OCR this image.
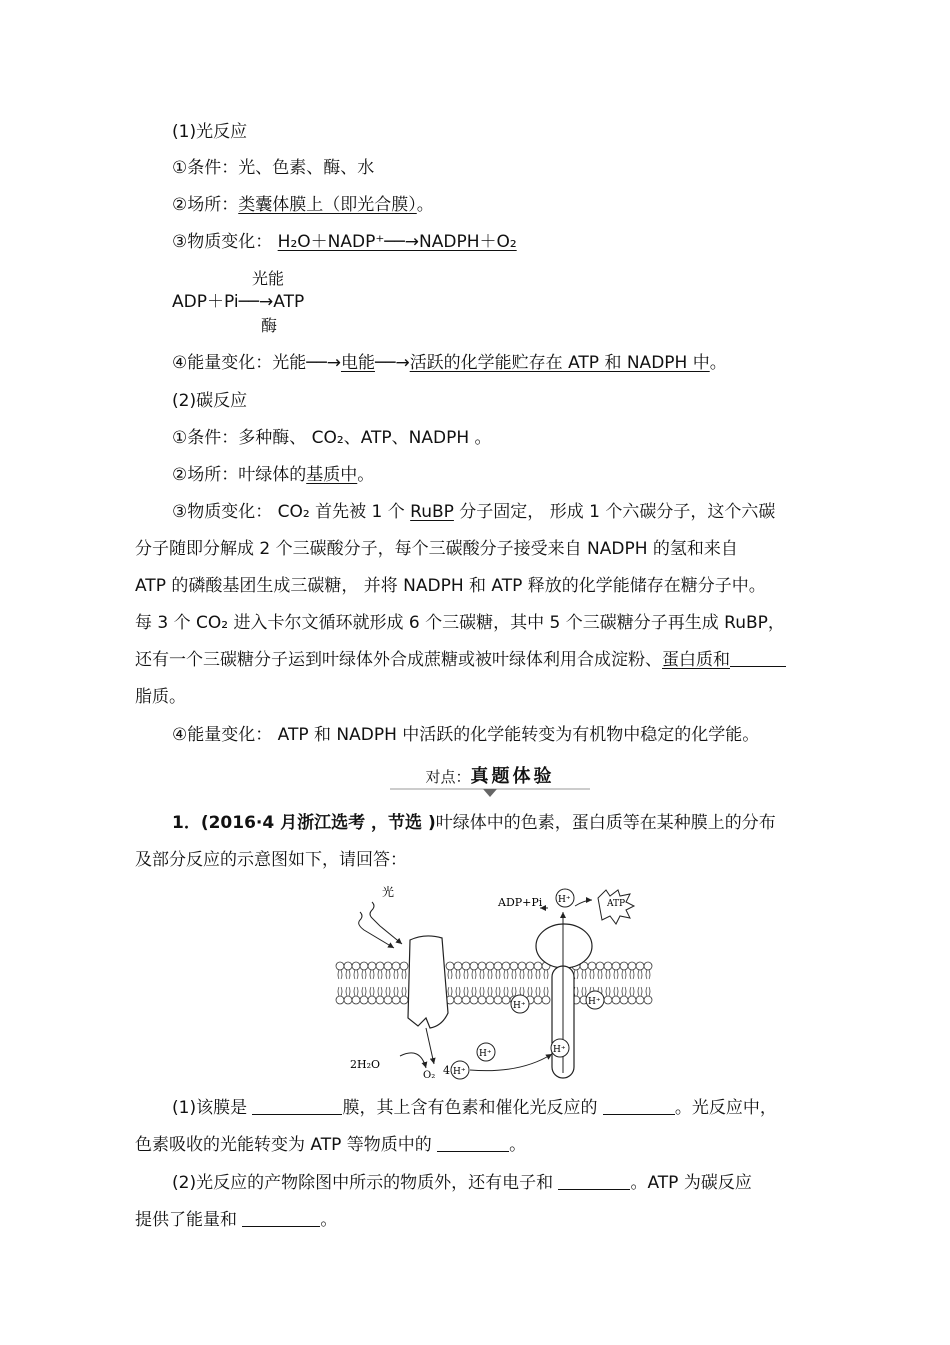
(1)光反应
①条件：光、色素、酶、水
②场所：类囊体膜上（即光合膜）。
③物质变化： H₂O＋NADP⁺──→NADPH＋O₂
光能
ADP＋Pi──→ATP
酶
④能量变化：光能──→电能──→活跃的化学能贮存在 ATP 和 NADPH 中。
(2)碳反应
①条件：多种酶、 CO₂、ATP、NADPH 。
②场所：叶绿体的基质中。
③物质变化： CO₂ 首先被 1 个 RuBP 分子固定， 形成 1 个六碳分子，这个六碳
分子随即分解成 2 个三碳酸分子，每个三碳酸分子接受来自 NADPH 的氢和来自
ATP 的磷酸基团生成三碳糖， 并将 NADPH 和 ATP 释放的化学能储存在糖分子中。
每 3 个 CO₂ 进入卡尔文循环就形成 6 个三碳糖，其中 5 个三碳糖分子再生成 RuBP，
还有一个三碳糖分子运到叶绿体外合成蔗糖或被叶绿体利用合成淀粉、蛋白质和
脂质。
④能量变化： ATP 和 NADPH 中活跃的化学能转变为有机物中稳定的化学能。
对点：真题体验
1．(2016·4 月浙江选考 ，节选 )叶绿体中的色素，蛋白质等在某种膜上的分布
及部分反应的示意图如下，请回答：
光
ADP+Pi H⁺	ATP
H⁺	H⁺
H⁺	H⁺
H⁺
4
2H₂O
O₂
(1)该膜是	膜，其上含有色素和催化光反应的	。光反应中，
色素吸收的光能转变为 ATP 等物质中的	。
(2)光反应的产物除图中所示的物质外，还有电子和	。ATP 为碳反应
提供了能量和	。
